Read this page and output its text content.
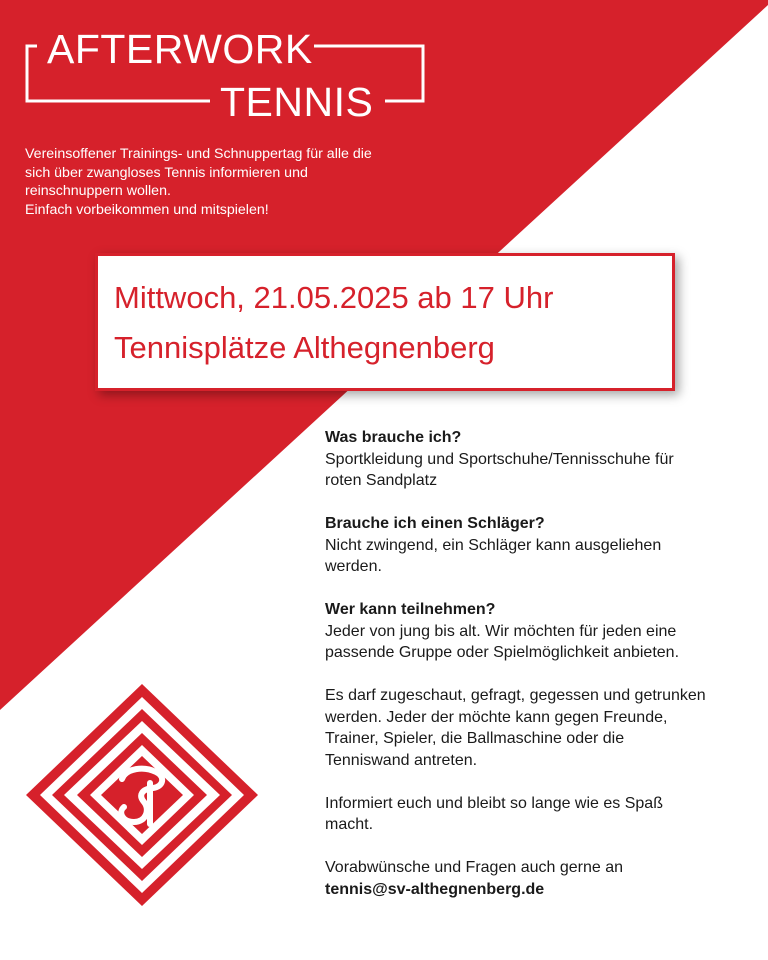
AFTERWORK
TENNIS

Vereinsoffener Trainings- und Schnuppertag für alle die

sich über zwangloses Tennis informieren und

reinschnuppern wollen.

Einfach vorbeikommen und mitspielen!

Mittwoch, 21.05.2025 ab 17 Uhr
Tennisplätze Althegnenberg

Was brauche ich?

Sportkleidung und Sportschuhe/Tennisschuhe für

roten Sandplatz

Brauche ich einen Schläger?

Nicht zwingend, ein Schläger kann ausgeliehen

werden.

Wer kann teilnehmen?

Jeder von jung bis alt. Wir möchten für jeden eine

passende Gruppe oder Spielmöglichkeit anbieten.

Es darf zugeschaut, gefragt, gegessen und getrunken

werden. Jeder der möchte kann gegen Freunde,

Trainer, Spieler, die Ballmaschine oder die

Tenniswand antreten.

Informiert euch und bleibt so lange wie es Spaß

macht.

Vorabwünsche und Fragen auch gerne an

tennis@sv-althegnenberg.de
